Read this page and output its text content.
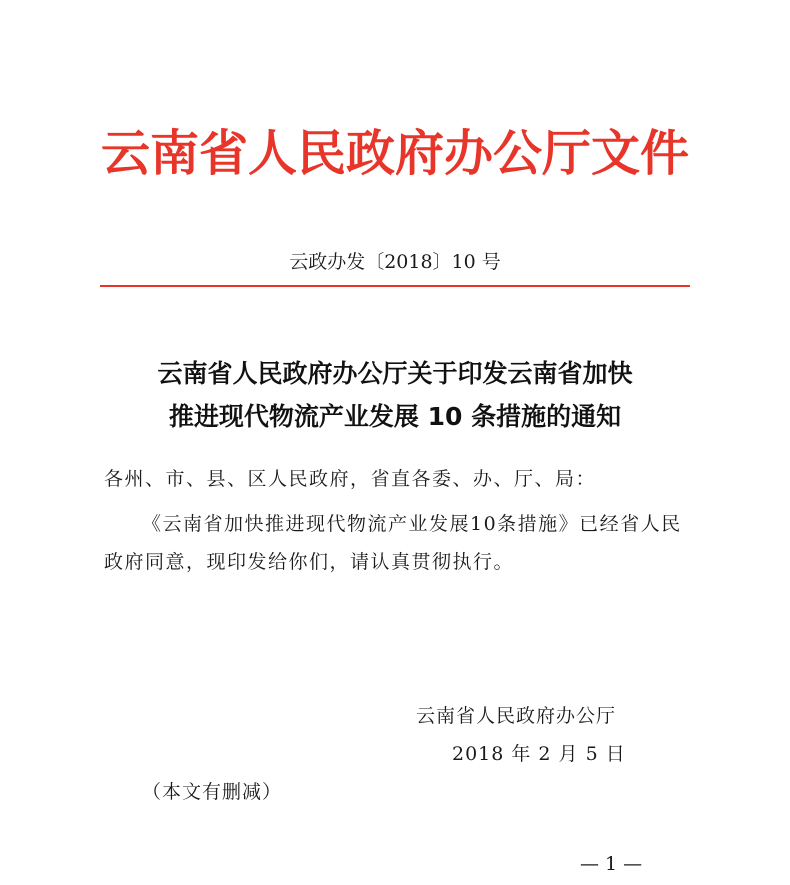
云南省人民政府办公厅文件
云政办发〔2018〕10 号
云南省人民政府办公厅关于印发云南省加快
推进现代物流产业发展 10 条措施的通知
各州、市、县、区人民政府，省直各委、办、厅、局：
《云南省加快推进现代物流产业发展10条措施》已经省人民政府同意，现印发给你们，请认真贯彻执行。
云南省人民政府办公厅
2018 年 2 月 5 日
（本文有删减）
— 1 —
